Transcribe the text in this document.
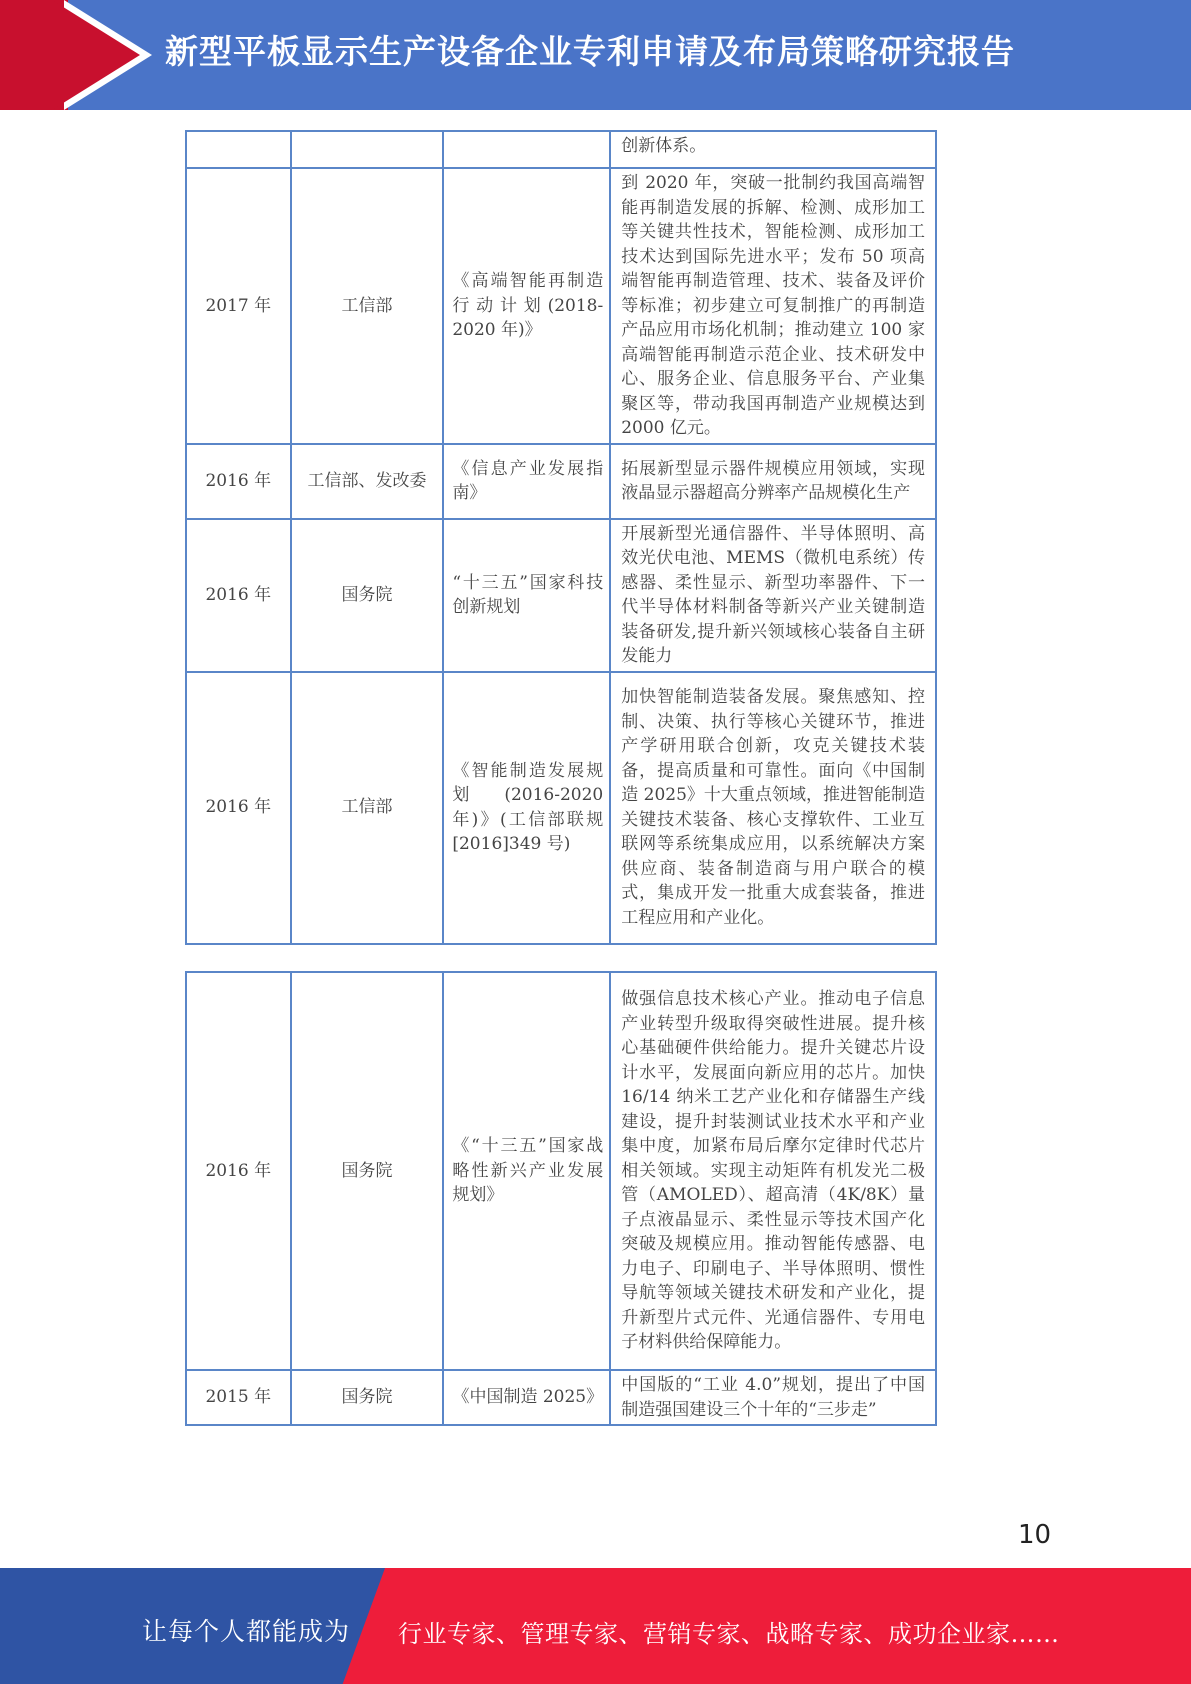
新型平板显示生产设备企业专利申请及布局策略研究报告
			创新体系。
2017 年	工信部	《高端智能再制造行动计划(2018-2020 年)》	到 2020 年，突破一批制约我国高端智能再制造发展的拆解、检测、成形加工等关键共性技术，智能检测、成形加工技术达到国际先进水平；发布 50 项高端智能再制造管理、技术、装备及评价等标准；初步建立可复制推广的再制造产品应用市场化机制；推动建立 100 家高端智能再制造示范企业、技术研发中心、服务企业、信息服务平台、产业集聚区等，带动我国再制造产业规模达到 2000 亿元。
2016 年	工信部、发改委	《信息产业发展指南》	拓展新型显示器件规模应用领域，实现液晶显示器超高分辨率产品规模化生产
2016 年	国务院	“十三五”国家科技创新规划	开展新型光通信器件、半导体照明、高效光伏电池、MEMS（微机电系统）传感器、柔性显示、新型功率器件、下一代半导体材料制备等新兴产业关键制造装备研发,提升新兴领域核心装备自主研发能力
2016 年	工信部	《智能制造发展规划(2016-2020 年)》(工信部联规[2016]349 号)	加快智能制造装备发展。聚焦感知、控制、决策、执行等核心关键环节，推进产学研用联合创新，攻克关键技术装备，提高质量和可靠性。面向《中国制造 2025》十大重点领域，推进智能制造关键技术装备、核心支撑软件、工业互联网等系统集成应用，以系统解决方案供应商、装备制造商与用户联合的模式，集成开发一批重大成套装备，推进工程应用和产业化。
2016 年	国务院	《“十三五”国家战略性新兴产业发展规划》	做强信息技术核心产业。推动电子信息产业转型升级取得突破性进展。提升核心基础硬件供给能力。提升关键芯片设计水平，发展面向新应用的芯片。加快 16/14 纳米工艺产业化和存储器生产线建设，提升封装测试业技术水平和产业集中度，加紧布局后摩尔定律时代芯片相关领域。实现主动矩阵有机发光二极管（AMOLED）、超高清（4K/8K）量子点液晶显示、柔性显示等技术国产化突破及规模应用。推动智能传感器、电力电子、印刷电子、半导体照明、惯性导航等领域关键技术研发和产业化，提升新型片式元件、光通信器件、专用电子材料供给保障能力。
2015 年	国务院	《中国制造 2025》	中国版的“工业 4.0”规划，提出了中国制造强国建设三个十年的“三步走”
10
让每个人都能成为 行业专家、管理专家、营销专家、战略专家、成功企业家……
